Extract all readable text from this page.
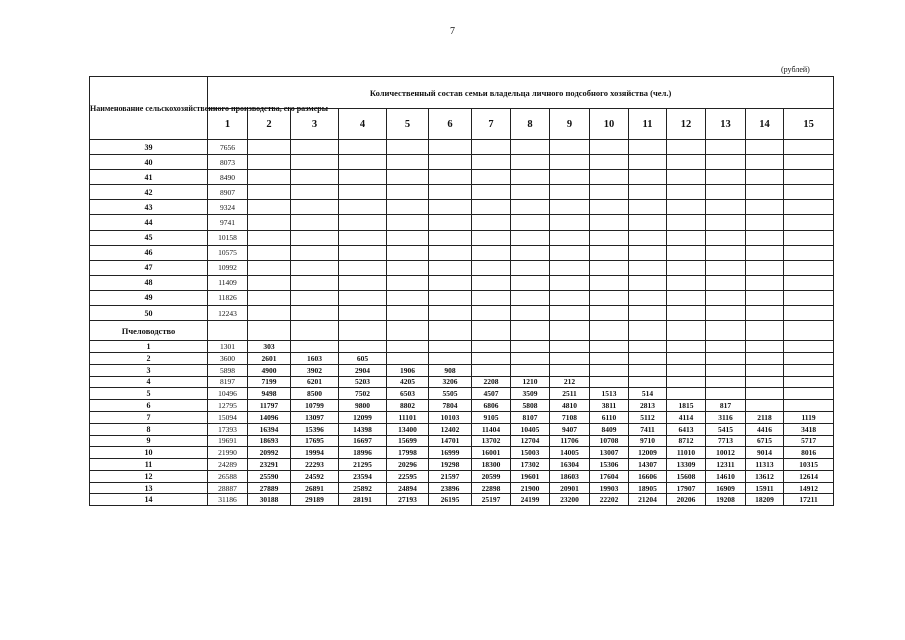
7
(рублей)
Наименование сельскохозяйственного производства, его размеры	Количественный состав семьи владельца личного подсобного хозяйства (чел.)														
	1	2	3	4	5	6	7	8	9	10	11	12	13	14	15
39	7656														
40	8073														
41	8490														
42	8907														
43	9324														
44	9741														
45	10158														
46	10575														
47	10992														
48	11409														
49	11826														
50	12243														
Пчеловодство															
1	1301	303													
2	3600	2601	1603	605											
3	5898	4900	3902	2904	1906	908									
4	8197	7199	6201	5203	4205	3206	2208	1210	212						
5	10496	9498	8500	7502	6503	5505	4507	3509	2511	1513	514				
6	12795	11797	10799	9800	8802	7804	6806	5808	4810	3811	2813	1815	817		
7	15094	14096	13097	12099	11101	10103	9105	8107	7108	6110	5112	4114	3116	2118	1119
8	17393	16394	15396	14398	13400	12402	11404	10405	9407	8409	7411	6413	5415	4416	3418
9	19691	18693	17695	16697	15699	14701	13702	12704	11706	10708	9710	8712	7713	6715	5717
10	21990	20992	19994	18996	17998	16999	16001	15003	14005	13007	12009	11010	10012	9014	8016
11	24289	23291	22293	21295	20296	19298	18300	17302	16304	15306	14307	13309	12311	11313	10315
12	26588	25590	24592	23594	22595	21597	20599	19601	18603	17604	16606	15608	14610	13612	12614
13	28887	27889	26891	25892	24894	23896	22898	21900	20901	19903	18905	17907	16909	15911	14912
14	31186	30188	29189	28191	27193	26195	25197	24199	23200	22202	21204	20206	19208	18209	17211
